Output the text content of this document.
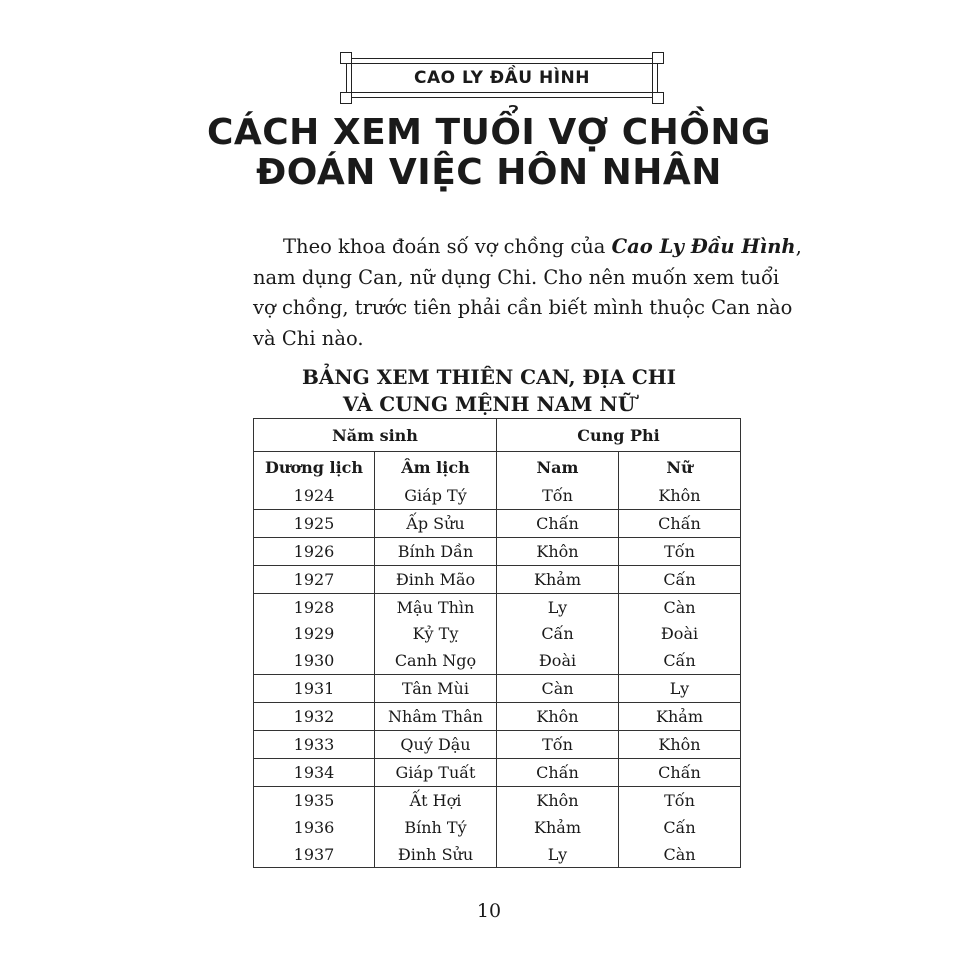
CAO LY ĐẦU HÌNH
CÁCH XEM TUỔI VỢ CHỒNG
ĐOÁN VIỆC HÔN NHÂN
Theo khoa đoán số vợ chồng của Cao Ly Đầu Hình,
nam dụng Can, nữ dụng Chi. Cho nên muốn xem tuổi
vợ chồng, trước tiên phải cần biết mình thuộc Can nào
và Chi nào.
BẢNG XEM THIÊN CAN, ĐỊA CHI
VÀ CUNG MỆNH NAM NỮ
Năm sinh		Cung Phi	
Dương lịch	Âm lịch	Nam	Nữ
1924	Giáp Tý	Tốn	Khôn
1925	Ấp Sửu	Chấn	Chấn
1926	Bính Dần	Khôn	Tốn
1927	Đinh Mão	Khảm	Cấn
1928	Mậu Thìn	Ly	Càn
1929	Kỷ Tỵ	Cấn	Đoài
1930	Canh Ngọ	Đoài	Cấn
1931	Tân Mùi	Càn	Ly
1932	Nhâm Thân	Khôn	Khảm
1933	Quý Dậu	Tốn	Khôn
1934	Giáp Tuất	Chấn	Chấn
1935	Ất Hợi	Khôn	Tốn
1936	Bính Tý	Khảm	Cấn
1937	Đinh Sửu	Ly	Càn
10
